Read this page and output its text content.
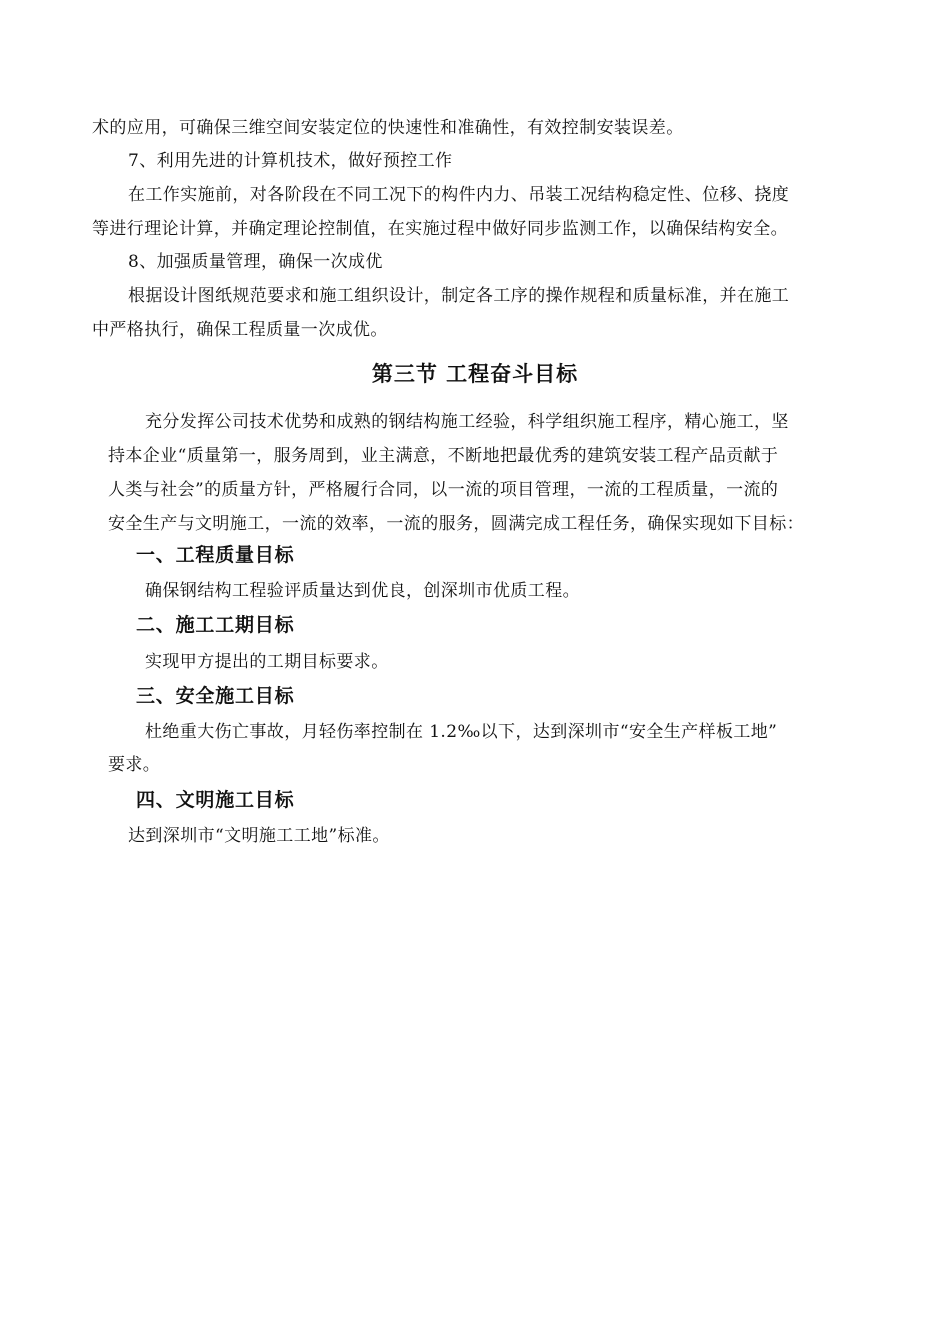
术的应用，可确保三维空间安装定位的快速性和准确性，有效控制安装误差。
7、利用先进的计算机技术，做好预控工作
在工作实施前，对各阶段在不同工况下的构件内力、吊装工况结构稳定性、位移、挠度
等进行理论计算，并确定理论控制值，在实施过程中做好同步监测工作，以确保结构安全。
8、加强质量管理，确保一次成优
根据设计图纸规范要求和施工组织设计，制定各工序的操作规程和质量标准，并在施工
中严格执行，确保工程质量一次成优。
第三节 工程奋斗目标
充分发挥公司技术优势和成熟的钢结构施工经验，科学组织施工程序，精心施工，坚
持本企业“质量第一，服务周到，业主满意，不断地把最优秀的建筑安装工程产品贡献于
人类与社会”的质量方针，严格履行合同，以一流的项目管理，一流的工程质量，一流的
安全生产与文明施工，一流的效率，一流的服务，圆满完成工程任务，确保实现如下目标：
一、工程质量目标
确保钢结构工程验评质量达到优良，创深圳市优质工程。
二、施工工期目标
实现甲方提出的工期目标要求。
三、安全施工目标
杜绝重大伤亡事故，月轻伤率控制在 1.2‰以下，达到深圳市“安全生产样板工地”
要求。
四、文明施工目标
达到深圳市“文明施工工地”标准。
